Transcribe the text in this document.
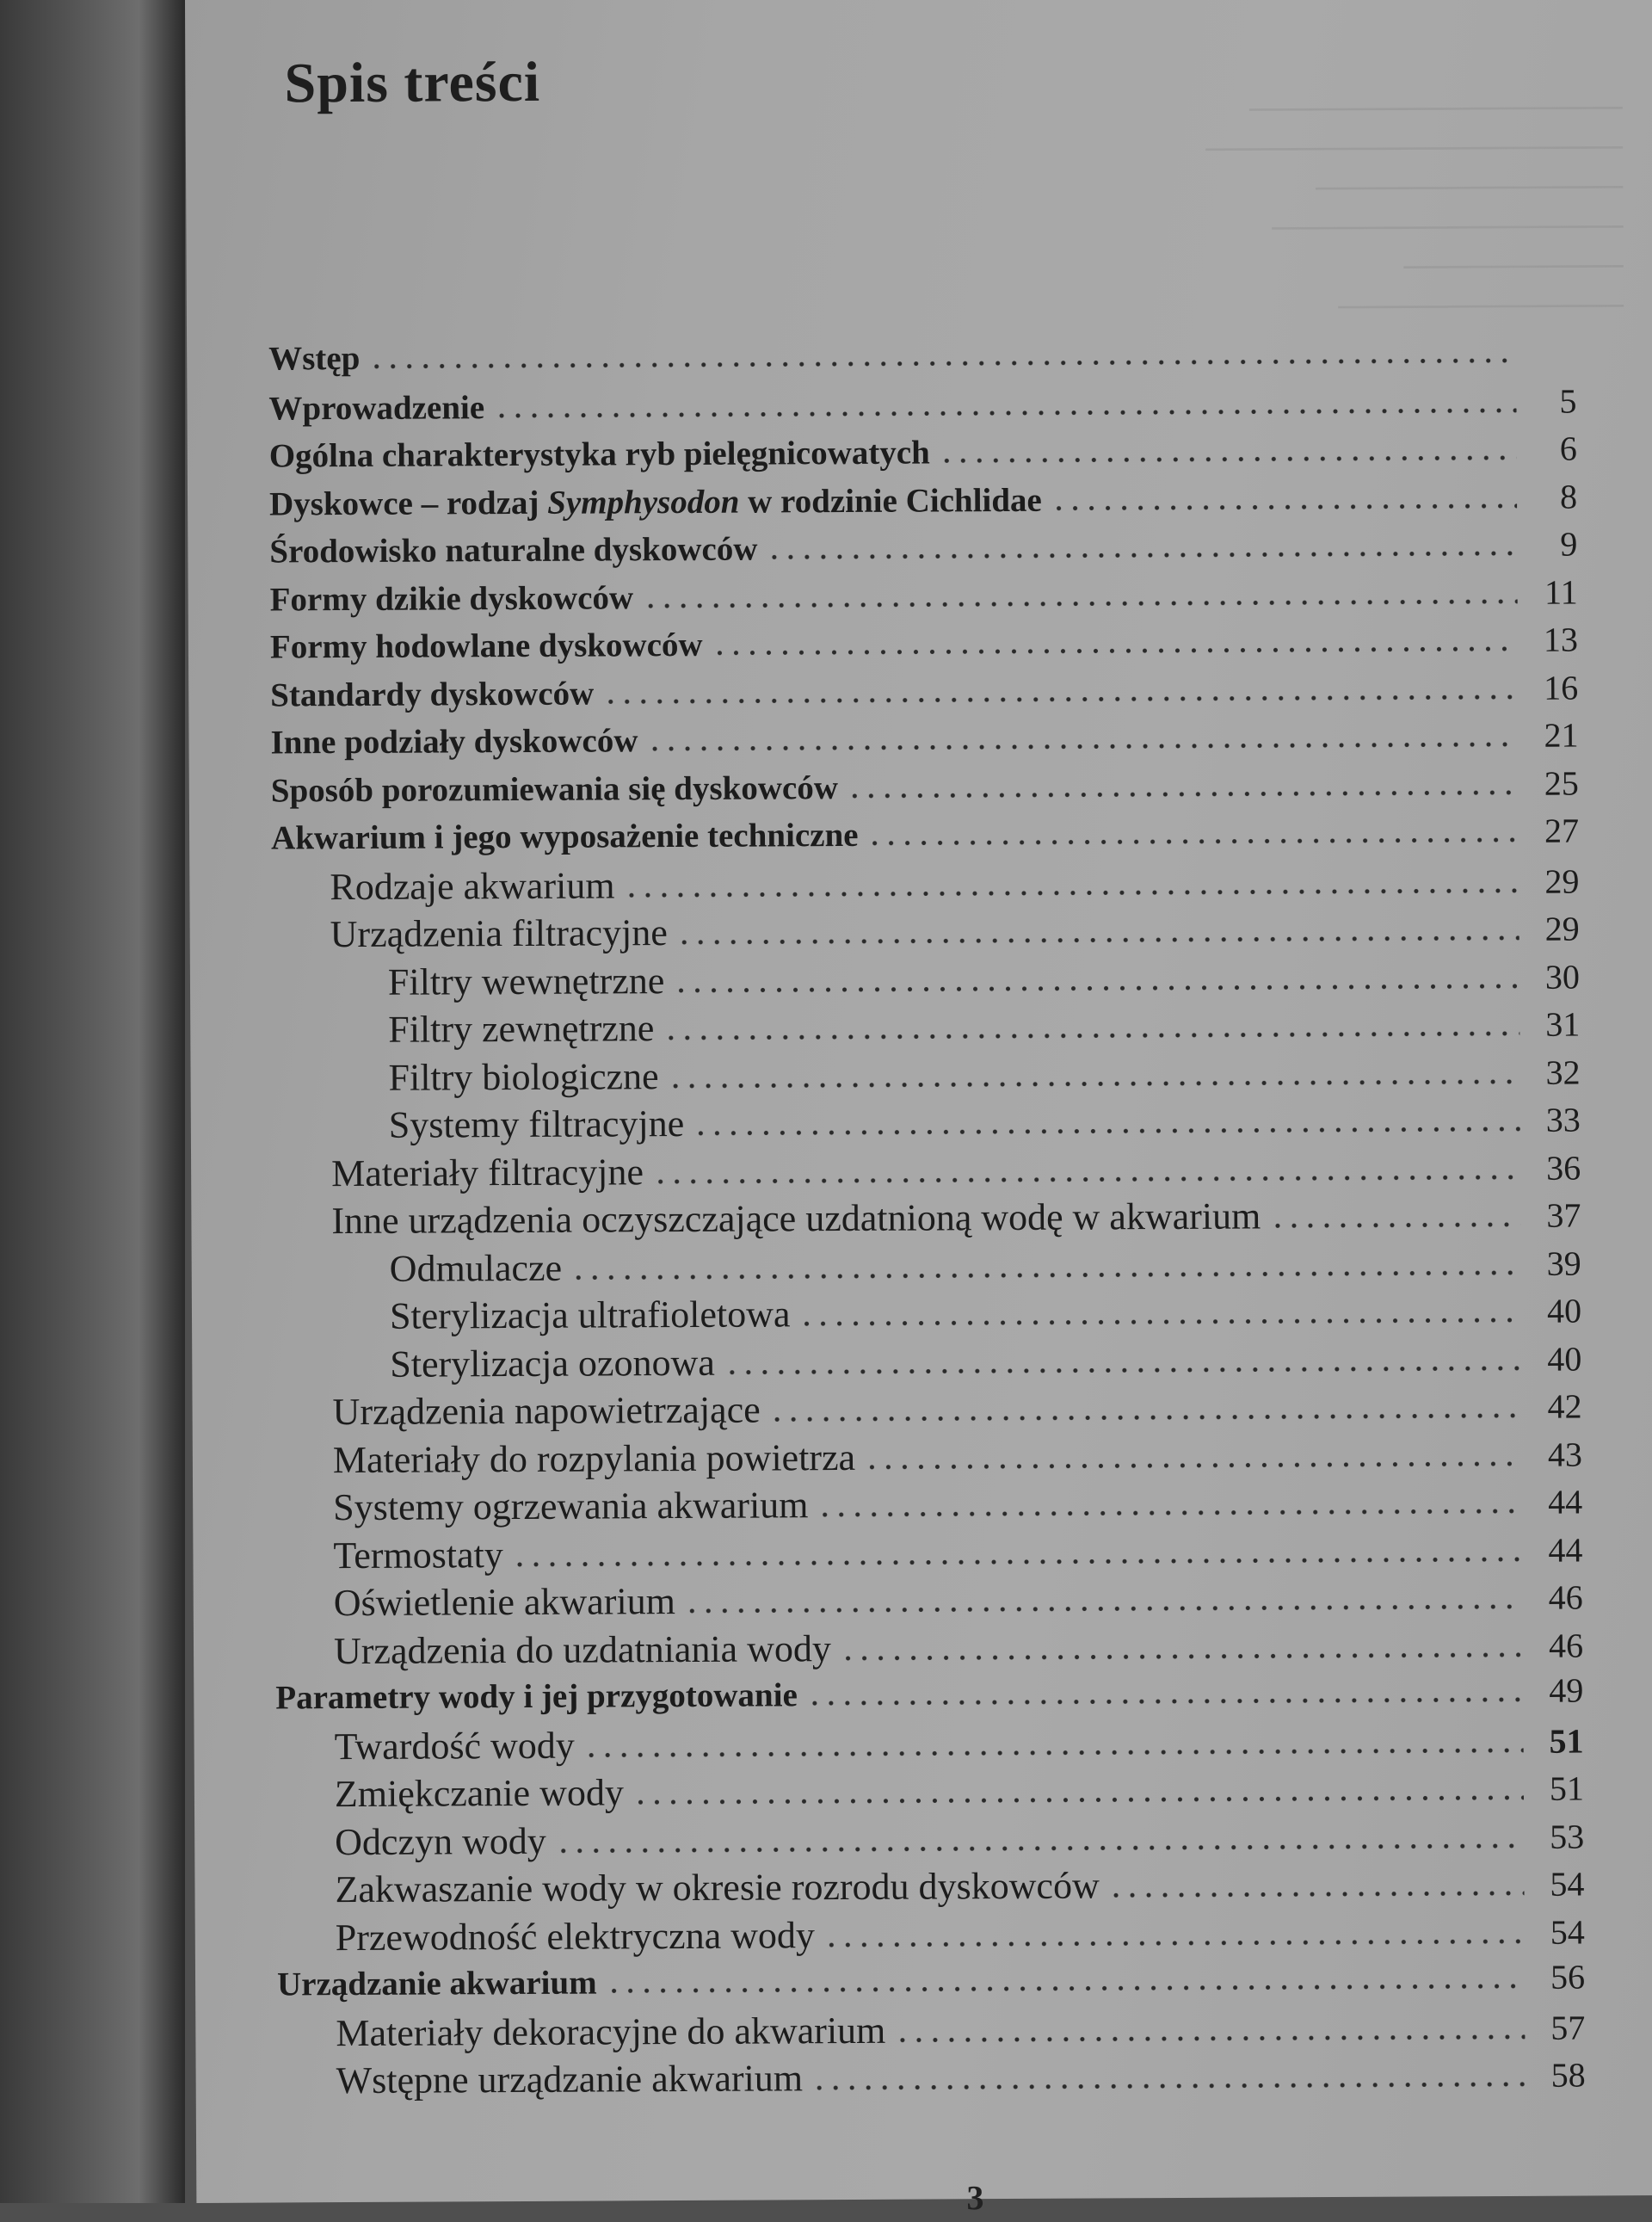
─────────────────
───────────────────
──────────────
────────────────
──────────
─────────────
Spis treści
Wstęp
Wprowadzenie	5
Ogólna charakterystyka ryb pielęgnicowatych	6
Dyskowce – rodzaj Symphysodon w rodzinie Cichlidae	8
Środowisko naturalne dyskowców	9
Formy dzikie dyskowców	11
Formy hodowlane dyskowców	13
Standardy dyskowców	16
Inne podziały dyskowców	21
Sposób porozumiewania się dyskowców	25
Akwarium i jego wyposażenie techniczne	27
Rodzaje akwarium	29
Urządzenia filtracyjne	29
Filtry wewnętrzne	30
Filtry zewnętrzne	31
Filtry biologiczne	32
Systemy filtracyjne	33
Materiały filtracyjne	36
Inne urządzenia oczyszczające uzdatnioną wodę w akwarium	37
Odmulacze	39
Sterylizacja ultrafioletowa	40
Sterylizacja ozonowa	40
Urządzenia napowietrzające	42
Materiały do rozpylania powietrza	43
Systemy ogrzewania akwarium	44
Termostaty	44
Oświetlenie akwarium	46
Urządzenia do uzdatniania wody	46
Parametry wody i jej przygotowanie	49
Twardość wody	51
Zmiękczanie wody	51
Odczyn wody	53
Zakwaszanie wody w okresie rozrodu dyskowców	54
Przewodność elektryczna wody	54
Urządzanie akwarium	56
Materiały dekoracyjne do akwarium	57
Wstępne urządzanie akwarium	58
3
